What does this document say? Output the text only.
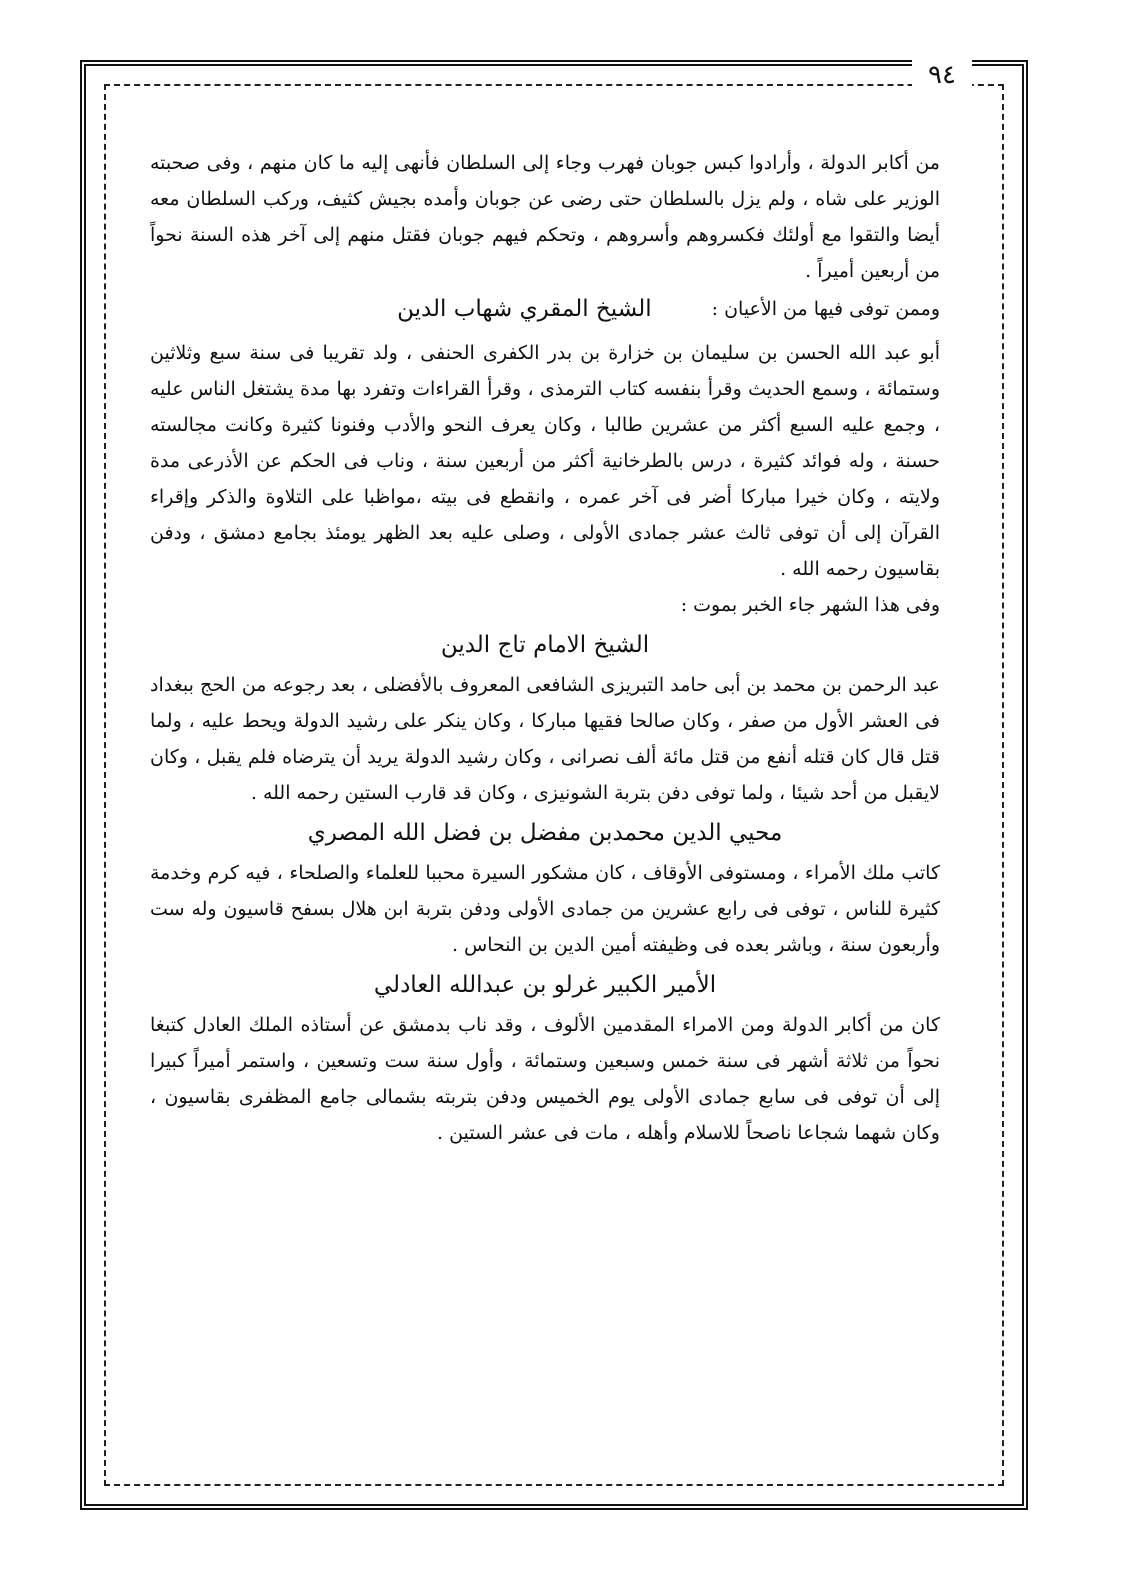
٩٤

من أكابر الدولة ، وأرادوا كبس جوبان فهرب وجاء إلى السلطان فأنهى إليه ما كان منهم ، وفى صحبته الوزير على شاه ، ولم يزل بالسلطان حتى رضى عن جوبان وأمده بجيش كثيف، وركب السلطان معه أيضا والتقوا مع أولئك فكسروهم وأسروهم ، وتحكم فيهم جوبان فقتل منهم إلى آخر هذه السنة نحواً من أربعين أميراً .

وممن توفى فيها من الأعيان :
الشيخ المقري شهاب الدين

أبو عبد الله الحسن بن سليمان بن خزارة بن بدر الكفرى الحنفى ، ولد تقريبا فى سنة سبع وثلاثين وستمائة ، وسمع الحديث وقرأ بنفسه كتاب الترمذى ، وقرأ القراءات وتفرد بها مدة يشتغل الناس عليه ، وجمع عليه السبع أكثر من عشرين طالبا ، وكان يعرف النحو والأدب وفنونا كثيرة وكانت مجالسته حسنة ، وله فوائد كثيرة ، درس بالطرخانية أكثر من أربعين سنة ، وناب فى الحكم عن الأذرعى مدة ولايته ، وكان خيرا مباركا أضر فى آخر عمره ، وانقطع فى بيته ،مواظبا على التلاوة والذكر وإقراء القرآن إلى أن توفى ثالث عشر جمادى الأولى ، وصلى عليه بعد الظهر يومئذ بجامع دمشق ، ودفن بقاسيون رحمه الله .

وفى هذا الشهر جاء الخبر بموت :

الشيخ الامام تاج الدين

عبد الرحمن بن محمد بن أبى حامد التبريزى الشافعى المعروف بالأفضلى ، بعد رجوعه من الحج ببغداد فى العشر الأول من صفر ، وكان صالحا فقيها مباركا ، وكان ينكر على رشيد الدولة ويحط عليه ، ولما قتل قال كان قتله أنفع من قتل مائة ألف نصرانى ، وكان رشيد الدولة يريد أن يترضاه فلم يقبل ، وكان لايقبل من أحد شيئا ، ولما توفى دفن بتربة الشونيزى ، وكان قد قارب الستين رحمه الله .

محيي الدين محمدبن مفضل بن فضل الله المصري

كاتب ملك الأمراء ، ومستوفى الأوقاف ، كان مشكور السيرة محببا للعلماء والصلحاء ، فيه كرم وخدمة كثيرة للناس ، توفى فى رابع عشرين من جمادى الأولى ودفن بتربة ابن هلال بسفح قاسيون وله ست وأربعون سنة ، وباشر بعده فى وظيفته أمين الدين بن النحاس .

الأمير الكبير غرلو بن عبدالله العادلي

كان من أكابر الدولة ومن الامراء المقدمين الألوف ، وقد ناب بدمشق عن أستاذه الملك العادل كتبغا نحواً من ثلاثة أشهر فى سنة خمس وسبعين وستمائة ، وأول سنة ست وتسعين ، واستمر أميراً كبيرا إلى أن توفى فى سابع جمادى الأولى يوم الخميس ودفن بتربته بشمالى جامع المظفرى بقاسيون ، وكان شهما شجاعا ناصحاً للاسلام وأهله ، مات فى عشر الستين .
